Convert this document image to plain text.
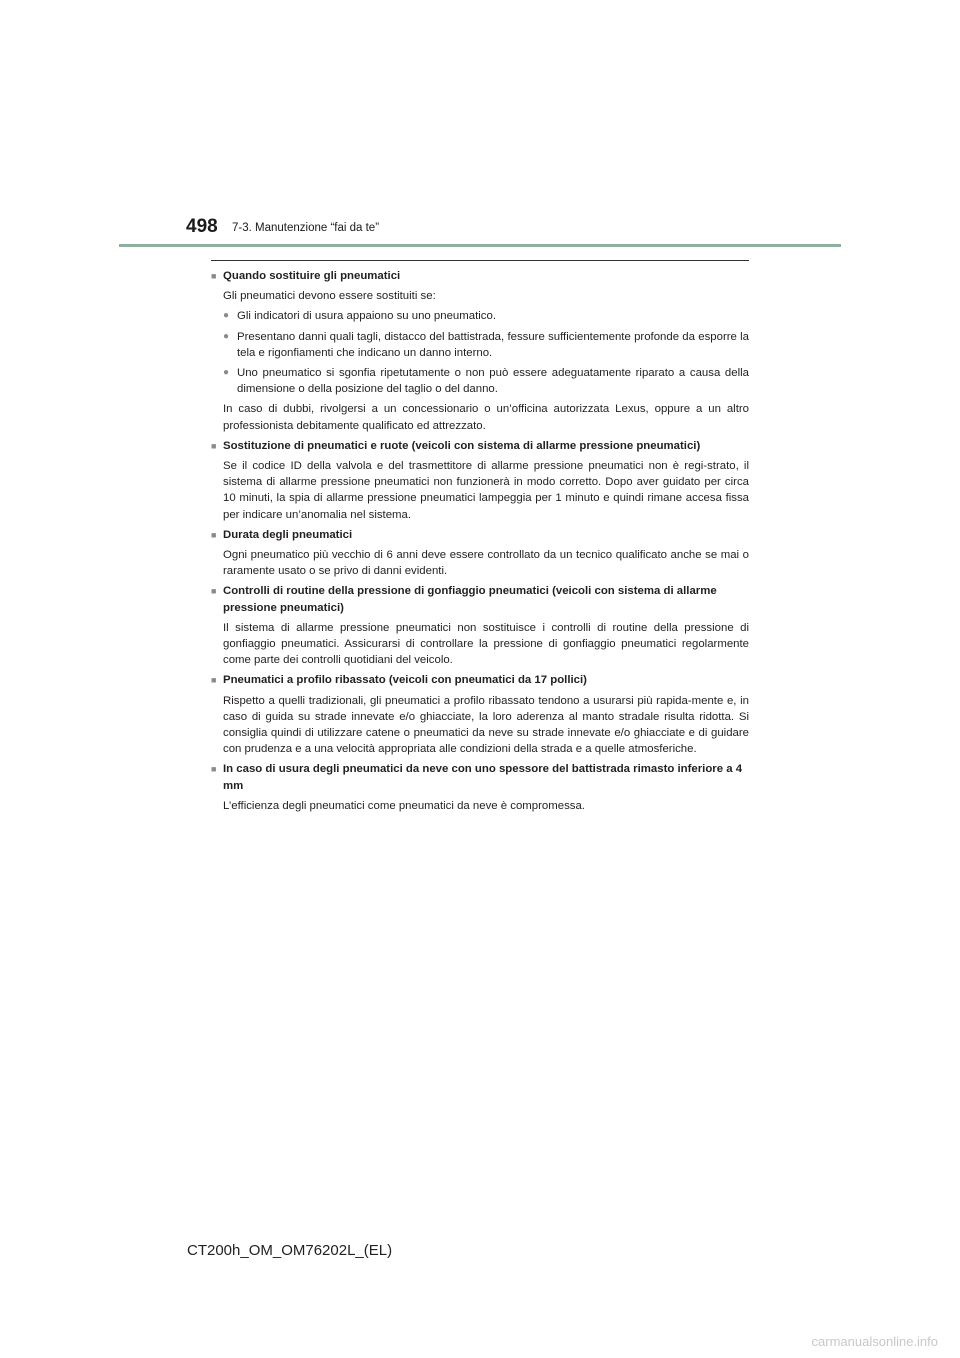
498 7-3. Manutenzione “fai da te”
■ Quando sostituire gli pneumatici
Gli pneumatici devono essere sostituiti se:
● Gli indicatori di usura appaiono su uno pneumatico.
● Presentano danni quali tagli, distacco del battistrada, fessure sufficientemente profonde da esporre la tela e rigonfiamenti che indicano un danno interno.
● Uno pneumatico si sgonfia ripetutamente o non può essere adeguatamente riparato a causa della dimensione o della posizione del taglio o del danno.
In caso di dubbi, rivolgersi a un concessionario o un’officina autorizzata Lexus, oppure a un altro professionista debitamente qualificato ed attrezzato.
■ Sostituzione di pneumatici e ruote (veicoli con sistema di allarme pressione pneumatici)
Se il codice ID della valvola e del trasmettitore di allarme pressione pneumatici non è regi-strato, il sistema di allarme pressione pneumatici non funzionerà in modo corretto. Dopo aver guidato per circa 10 minuti, la spia di allarme pressione pneumatici lampeggia per 1 minuto e quindi rimane accesa fissa per indicare un’anomalia nel sistema.
■ Durata degli pneumatici
Ogni pneumatico più vecchio di 6 anni deve essere controllato da un tecnico qualificato anche se mai o raramente usato o se privo di danni evidenti.
■ Controlli di routine della pressione di gonfiaggio pneumatici (veicoli con sistema di allarme pressione pneumatici)
Il sistema di allarme pressione pneumatici non sostituisce i controlli di routine della pressione di gonfiaggio pneumatici. Assicurarsi di controllare la pressione di gonfiaggio pneumatici regolarmente come parte dei controlli quotidiani del veicolo.
■ Pneumatici a profilo ribassato (veicoli con pneumatici da 17 pollici)
Rispetto a quelli tradizionali, gli pneumatici a profilo ribassato tendono a usurarsi più rapida-mente e, in caso di guida su strade innevate e/o ghiacciate, la loro aderenza al manto stradale risulta ridotta. Si consiglia quindi di utilizzare catene o pneumatici da neve su strade innevate e/o ghiacciate e di guidare con prudenza e a una velocità appropriata alle condizioni della strada e a quelle atmosferiche.
■ In caso di usura degli pneumatici da neve con uno spessore del battistrada rimasto inferiore a 4 mm
L’efficienza degli pneumatici come pneumatici da neve è compromessa.
CT200h_OM_OM76202L_(EL)
carmanualsonline.info
